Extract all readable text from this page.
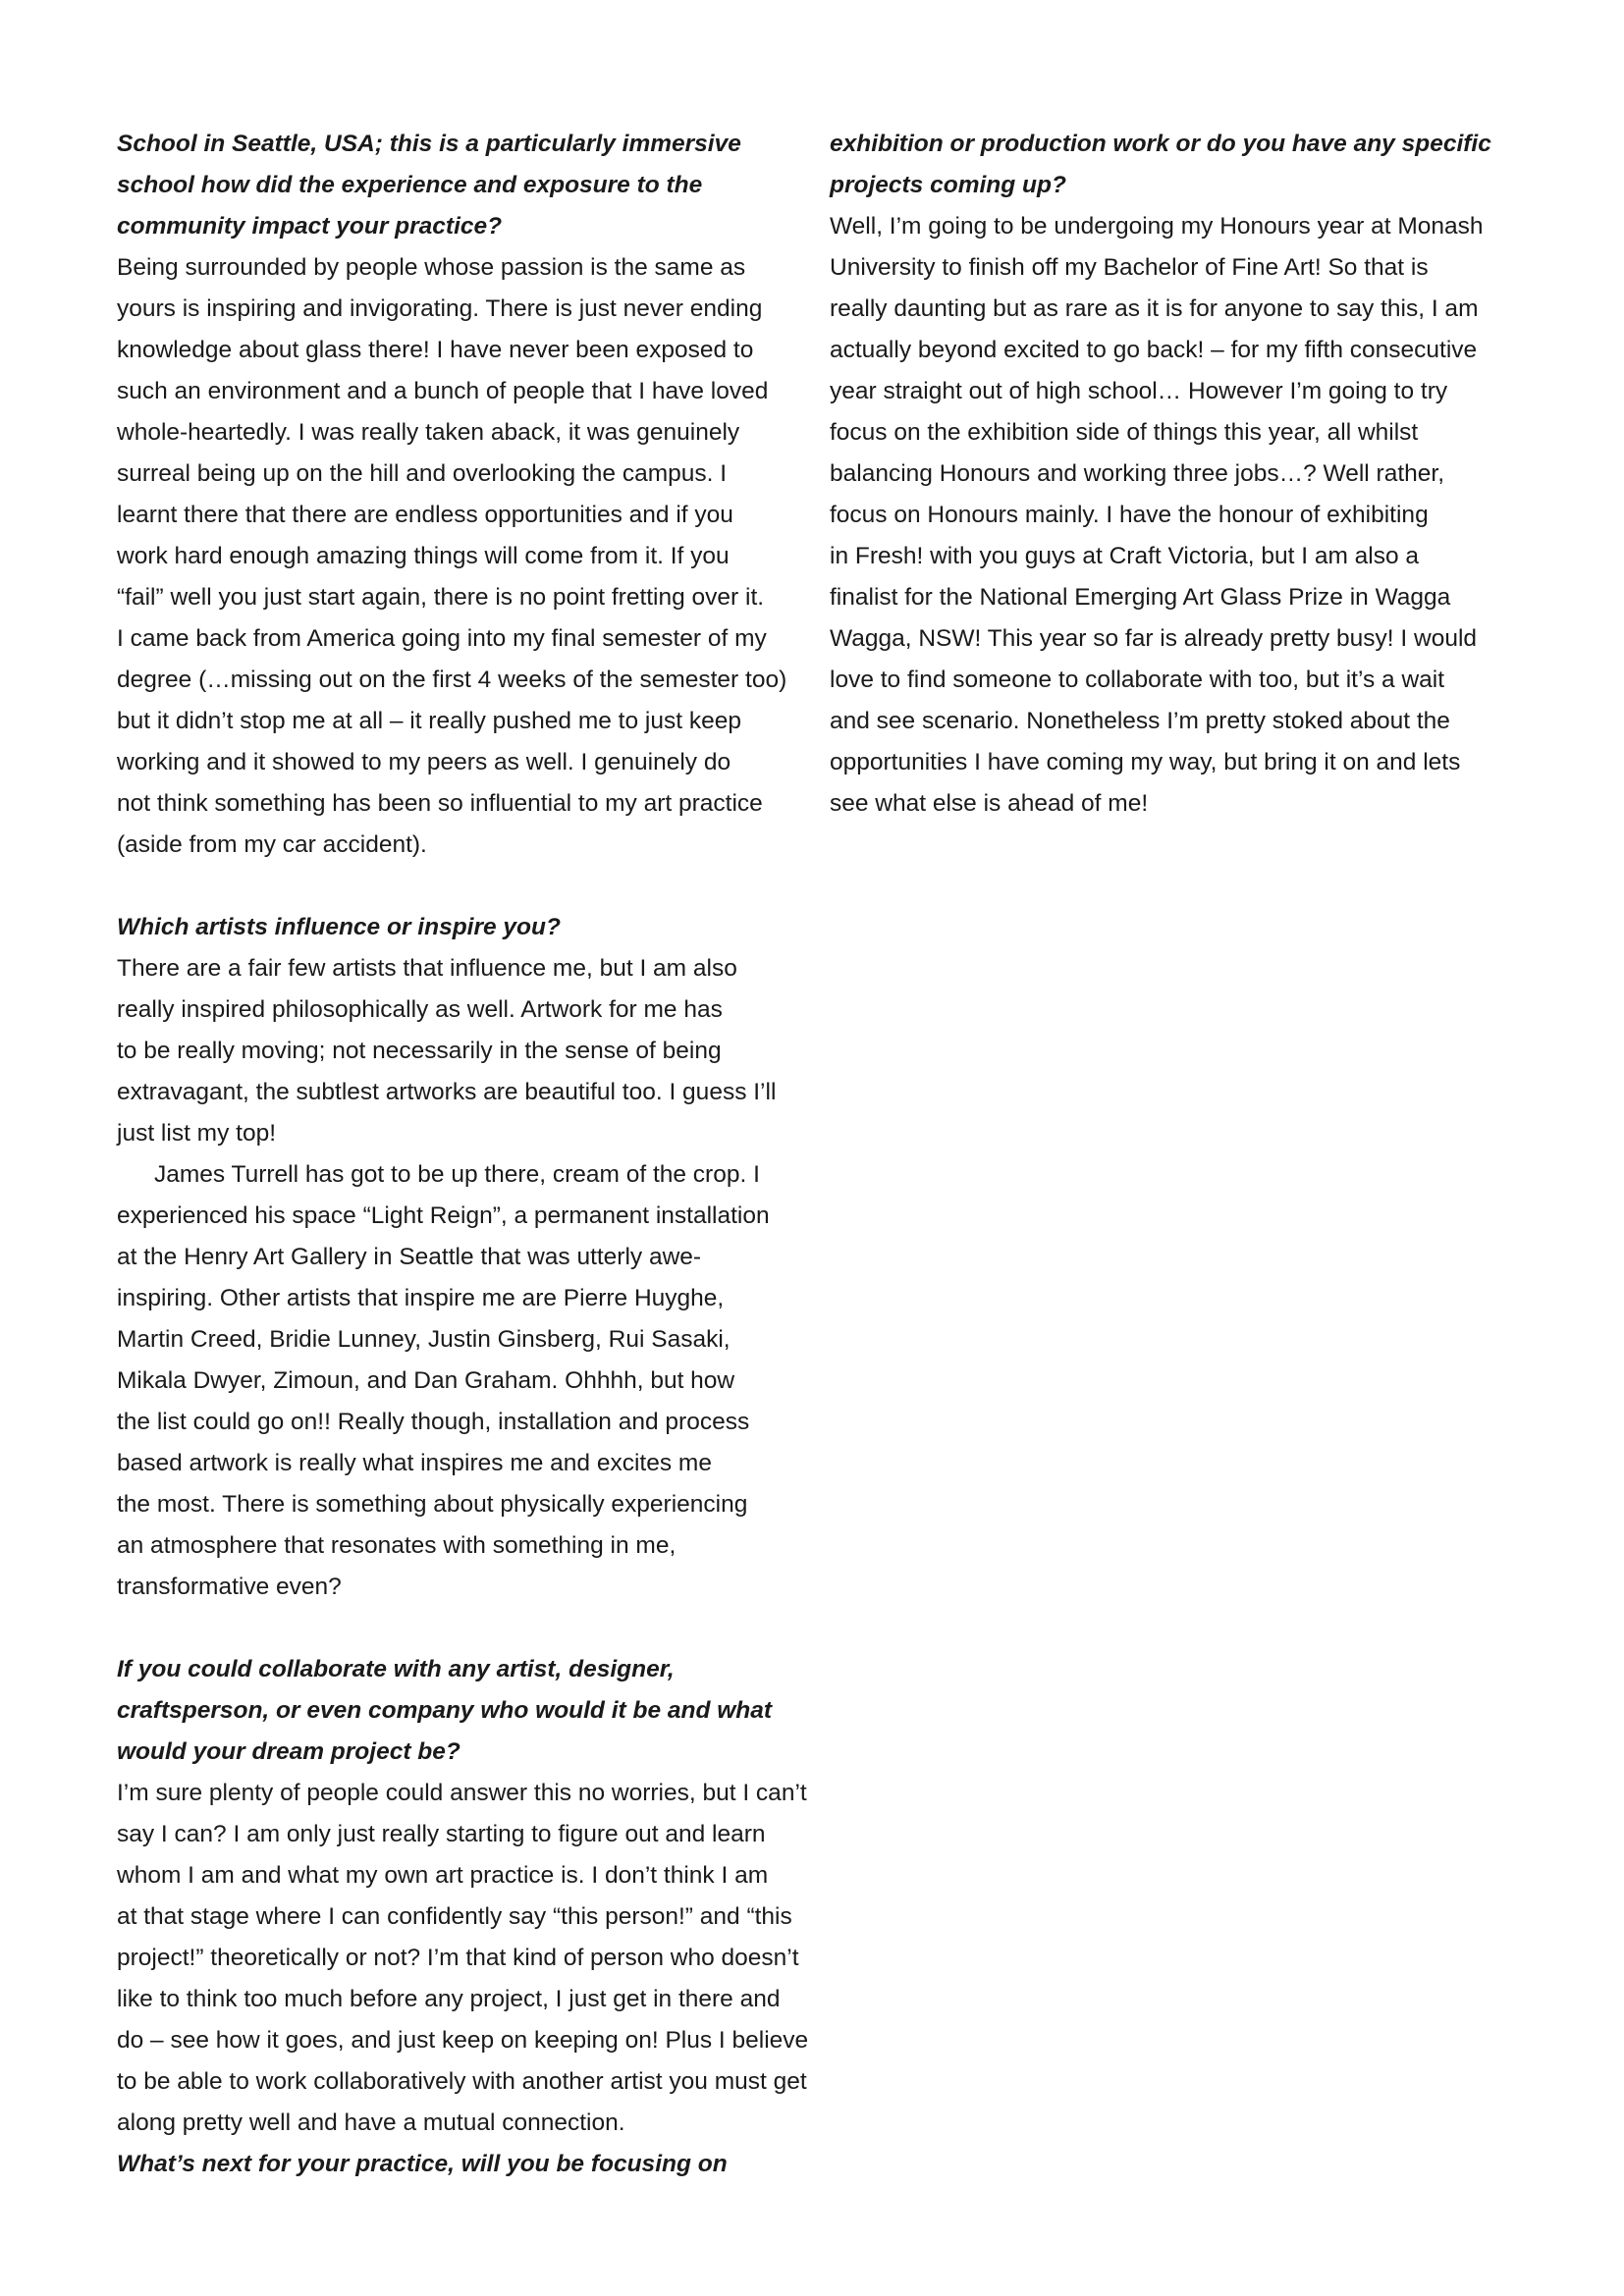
School in Seattle, USA; this is a particularly immersive
school how did the experience and exposure to the
community impact your practice?
Being surrounded by people whose passion is the same as
yours is inspiring and invigorating. There is just never ending
knowledge about glass there! I have never been exposed to
such an environment and a bunch of people that I have loved
whole-heartedly. I was really taken aback, it was genuinely
surreal being up on the hill and overlooking the campus. I
learnt there that there are endless opportunities and if you
work hard enough amazing things will come from it. If you
“fail” well you just start again, there is no point fretting over it.
I came back from America going into my final semester of my
degree (…missing out on the first 4 weeks of the semester too)
but it didn’t stop me at all – it really pushed me to just keep
working and it showed to my peers as well. I genuinely do
not think something has been so influential to my art practice
(aside from my car accident).
Which artists influence or inspire you?
There are a fair few artists that influence me, but I am also
really inspired philosophically as well. Artwork for me has
to be really moving; not necessarily in the sense of being
extravagant, the subtlest artworks are beautiful too. I guess I’ll
just list my top!
James Turrell has got to be up there, cream of the crop. I
experienced his space “Light Reign”, a permanent installation
at the Henry Art Gallery in Seattle that was utterly awe-
inspiring. Other artists that inspire me are Pierre Huyghe,
Martin Creed, Bridie Lunney, Justin Ginsberg, Rui Sasaki,
Mikala Dwyer, Zimoun, and Dan Graham. Ohhhh, but how
the list could go on!! Really though, installation and process
based artwork is really what inspires me and excites me
the most. There is something about physically experiencing
an atmosphere that resonates with something in me,
transformative even?
If you could collaborate with any artist, designer,
craftsperson, or even company who would it be and what
would your dream project be?
I’m sure plenty of people could answer this no worries, but I can’t
say I can? I am only just really starting to figure out and learn
whom I am and what my own art practice is. I don’t think I am
at that stage where I can confidently say “this person!” and “this
project!” theoretically or not? I’m that kind of person who doesn’t
like to think too much before any project, I just get in there and
do – see how it goes, and just keep on keeping on! Plus I believe
to be able to work collaboratively with another artist you must get
along pretty well and have a mutual connection.
What’s next for your practice, will you be focusing on
exhibition or production work or do you have any specific
projects coming up?
Well, I’m going to be undergoing my Honours year at Monash
University to finish off my Bachelor of Fine Art! So that is
really daunting but as rare as it is for anyone to say this, I am
actually beyond excited to go back! – for my fifth consecutive
year straight out of high school… However I’m going to try
focus on the exhibition side of things this year, all whilst
balancing Honours and working three jobs…? Well rather,
focus on Honours mainly. I have the honour of exhibiting
in Fresh! with you guys at Craft Victoria, but I am also a
finalist for the National Emerging Art Glass Prize in Wagga
Wagga, NSW! This year so far is already pretty busy! I would
love to find someone to collaborate with too, but it’s a wait
and see scenario. Nonetheless I’m pretty stoked about the
opportunities I have coming my way, but bring it on and lets
see what else is ahead of me!
